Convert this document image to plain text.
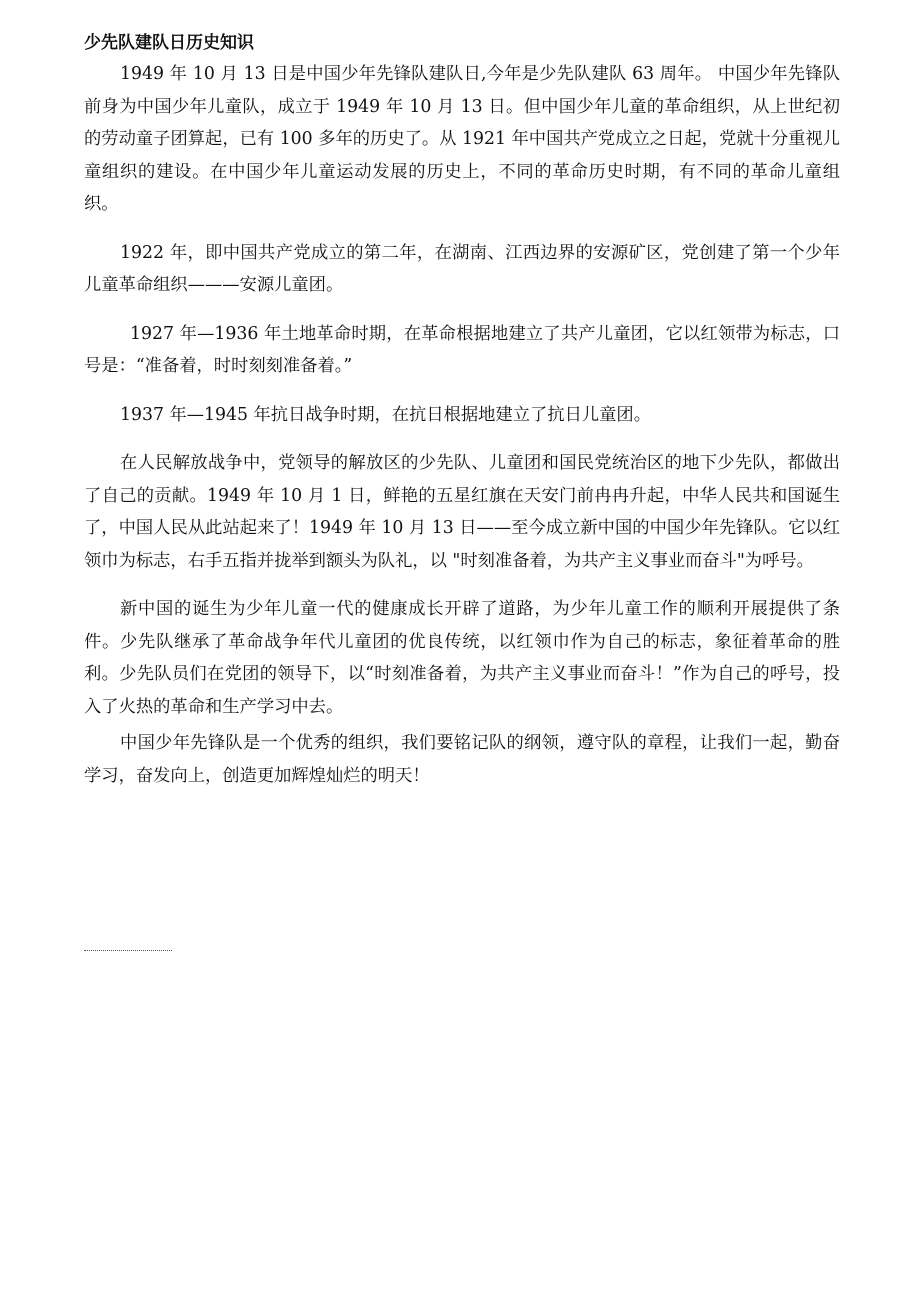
少先队建队日历史知识

1949 年 10 月 13 日是中国少年先锋队建队日,今年是少先队建队 63 周年。 中国少年先锋队前身为中国少年儿童队，成立于 1949 年 10 月 13 日。但中国少年儿童的革命组织，从上世纪初的劳动童子团算起，已有 100 多年的历史了。从 1921 年中国共产党成立之日起，党就十分重视儿童组织的建设。在中国少年儿童运动发展的历史上，不同的革命历史时期，有不同的革命儿童组织。

1922 年，即中国共产党成立的第二年，在湖南、江西边界的安源矿区，党创建了第一个少年儿童革命组织———安源儿童团。

1927 年—1936 年土地革命时期，在革命根据地建立了共产儿童团，它以红领带为标志，口号是：“准备着，时时刻刻准备着。”

1937 年—1945 年抗日战争时期，在抗日根据地建立了抗日儿童团。

在人民解放战争中，党领导的解放区的少先队、儿童团和国民党统治区的地下少先队，都做出了自己的贡献。1949 年 10 月 1 日，鲜艳的五星红旗在天安门前冉冉升起，中华人民共和国诞生了，中国人民从此站起来了！1949 年 10 月 13 日——至今成立新中国的中国少年先锋队。它以红领巾为标志，右手五指并拢举到额头为队礼，以 "时刻准备着，为共产主义事业而奋斗"为呼号。

新中国的诞生为少年儿童一代的健康成长开辟了道路，为少年儿童工作的顺利开展提供了条件。少先队继承了革命战争年代儿童团的优良传统，以红领巾作为自己的标志，象征着革命的胜利。少先队员们在党团的领导下，以“时刻准备着，为共产主义事业而奋斗！”作为自己的呼号，投入了火热的革命和生产学习中去。

中国少年先锋队是一个优秀的组织，我们要铭记队的纲领，遵守队的章程，让我们一起，勤奋学习，奋发向上，创造更加辉煌灿烂的明天！
